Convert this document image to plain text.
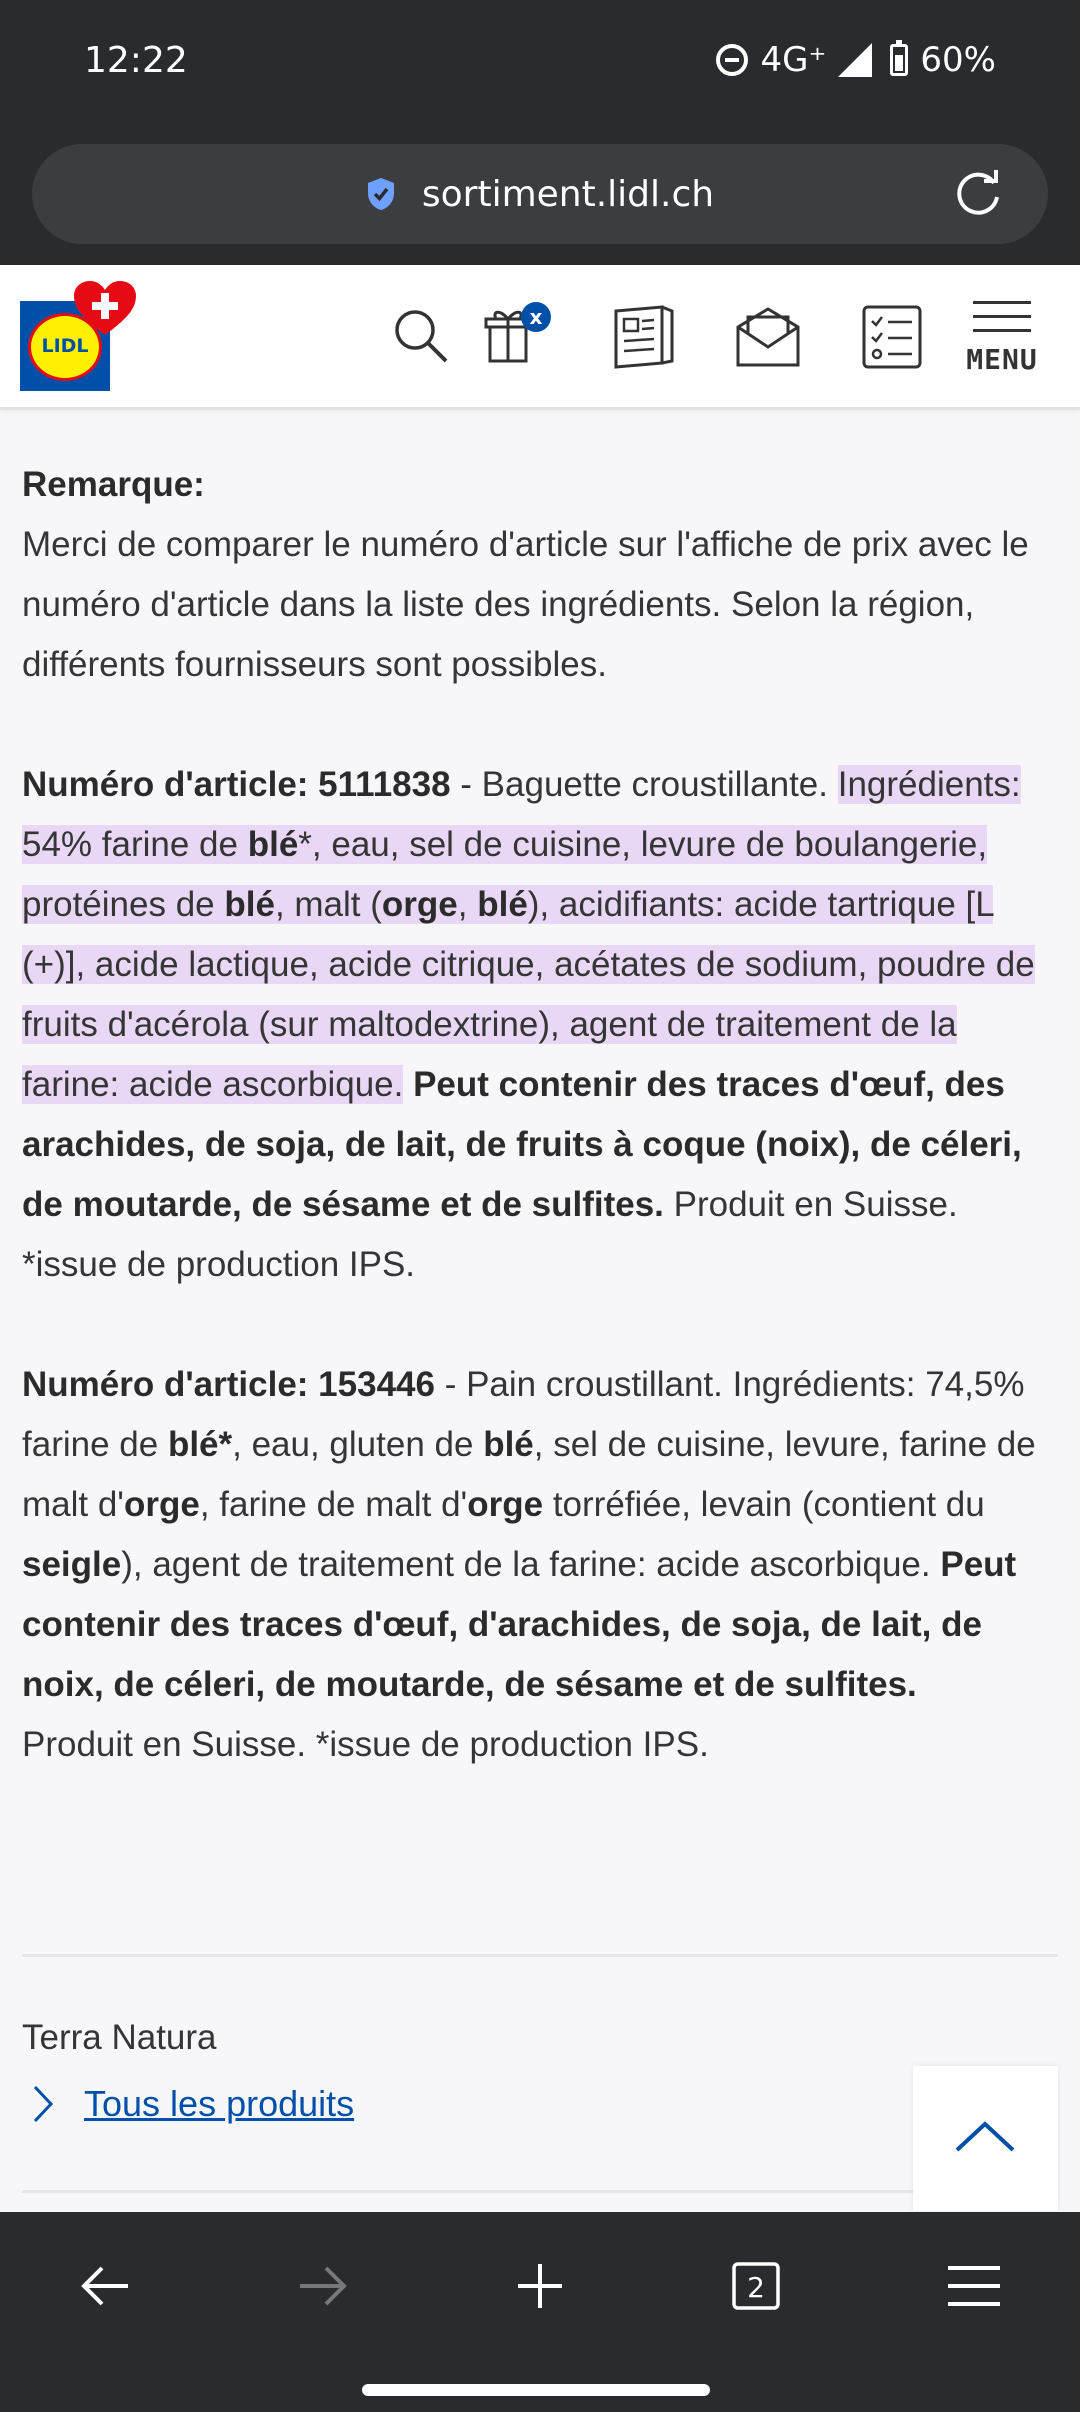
12:22	4G⁺	60%
sortiment.lidl.ch
LIDL
x
MENU

Remarque:
Merci de comparer le numéro d'article sur l'affiche de prix avec le numéro d'article dans la liste des ingrédients. Selon la région, différents fournisseurs sont possibles.

Numéro d'article: 5111838 - Baguette croustillante. Ingrédients: 54% farine de blé*, eau, sel de cuisine, levure de boulangerie, protéines de blé, malt (orge, blé), acidifiants: acide tartrique [L (+)], acide lactique, acide citrique, acétates de sodium, poudre de fruits d'acérola (sur maltodextrine), agent de traitement de la farine: acide ascorbique. Peut contenir des traces d'œuf, des arachides, de soja, de lait, de fruits à coque (noix), de céleri, de moutarde, de sésame et de sulfites. Produit en Suisse. *issue de production IPS.

Numéro d'article: 153446 - Pain croustillant. Ingrédients: 74,5% farine de blé*, eau, gluten de blé, sel de cuisine, levure, farine de malt d'orge, farine de malt d'orge torréfiée, levain (contient du seigle), agent de traitement de la farine: acide ascorbique. Peut contenir des traces d'œuf, d'arachides, de soja, de lait, de noix, de céleri, de moutarde, de sésame et de sulfites.
Produit en Suisse. *issue de production IPS.

Terra Natura
Tous les produits
2
